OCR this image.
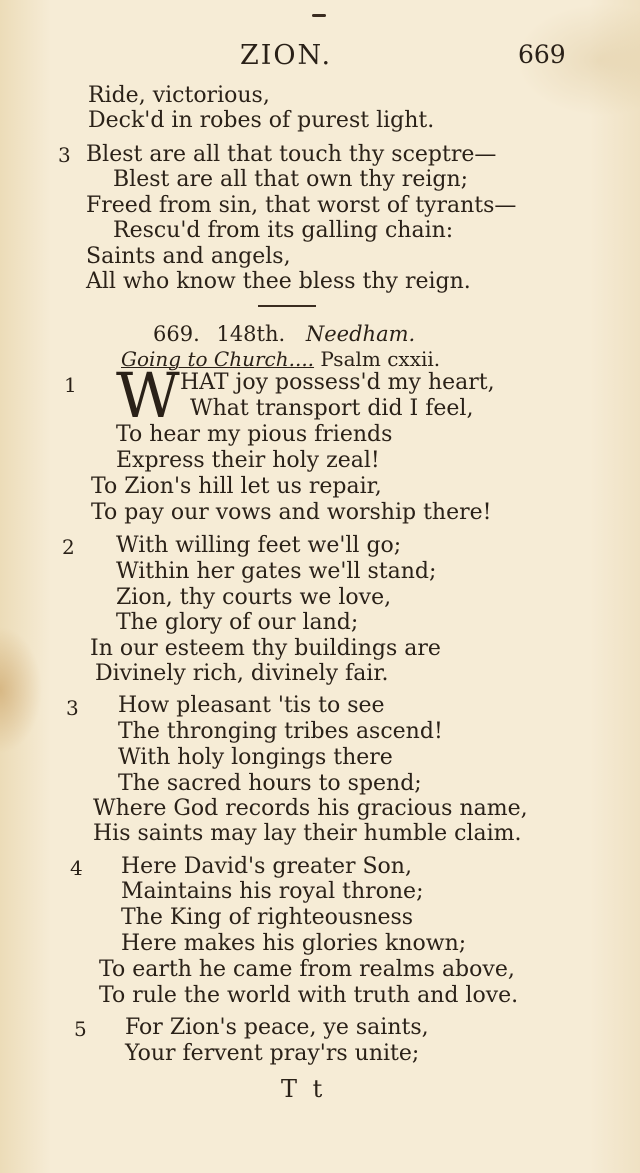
ZION.	669
Ride, victorious,
Deck'd in robes of purest light.
3 Blest are all that touch thy sceptre—
Blest are all that own thy reign;
Freed from sin, that worst of tyrants—
Rescu'd from its galling chain:
Saints and angels,
All who know thee bless thy reign.
669. 148th. Needham.
Going to Church.... Psalm cxxii.
1 W HAT joy possess'd my heart,
What transport did I feel,
To hear my pious friends
Express their holy zeal!
To Zion's hill let us repair,
To pay our vows and worship there!
2 With willing feet we'll go;
Within her gates we'll stand;
Zion, thy courts we love,
The glory of our land;
In our esteem thy buildings are
Divinely rich, divinely fair.
3 How pleasant 'tis to see
The thronging tribes ascend!
With holy longings there
The sacred hours to spend;
Where God records his gracious name,
His saints may lay their humble claim.
4 Here David's greater Son,
Maintains his royal throne;
The King of righteousness
Here makes his glories known;
To earth he came from realms above,
To rule the world with truth and love.
5 For Zion's peace, ye saints,
Your fervent pray'rs unite;
T t
